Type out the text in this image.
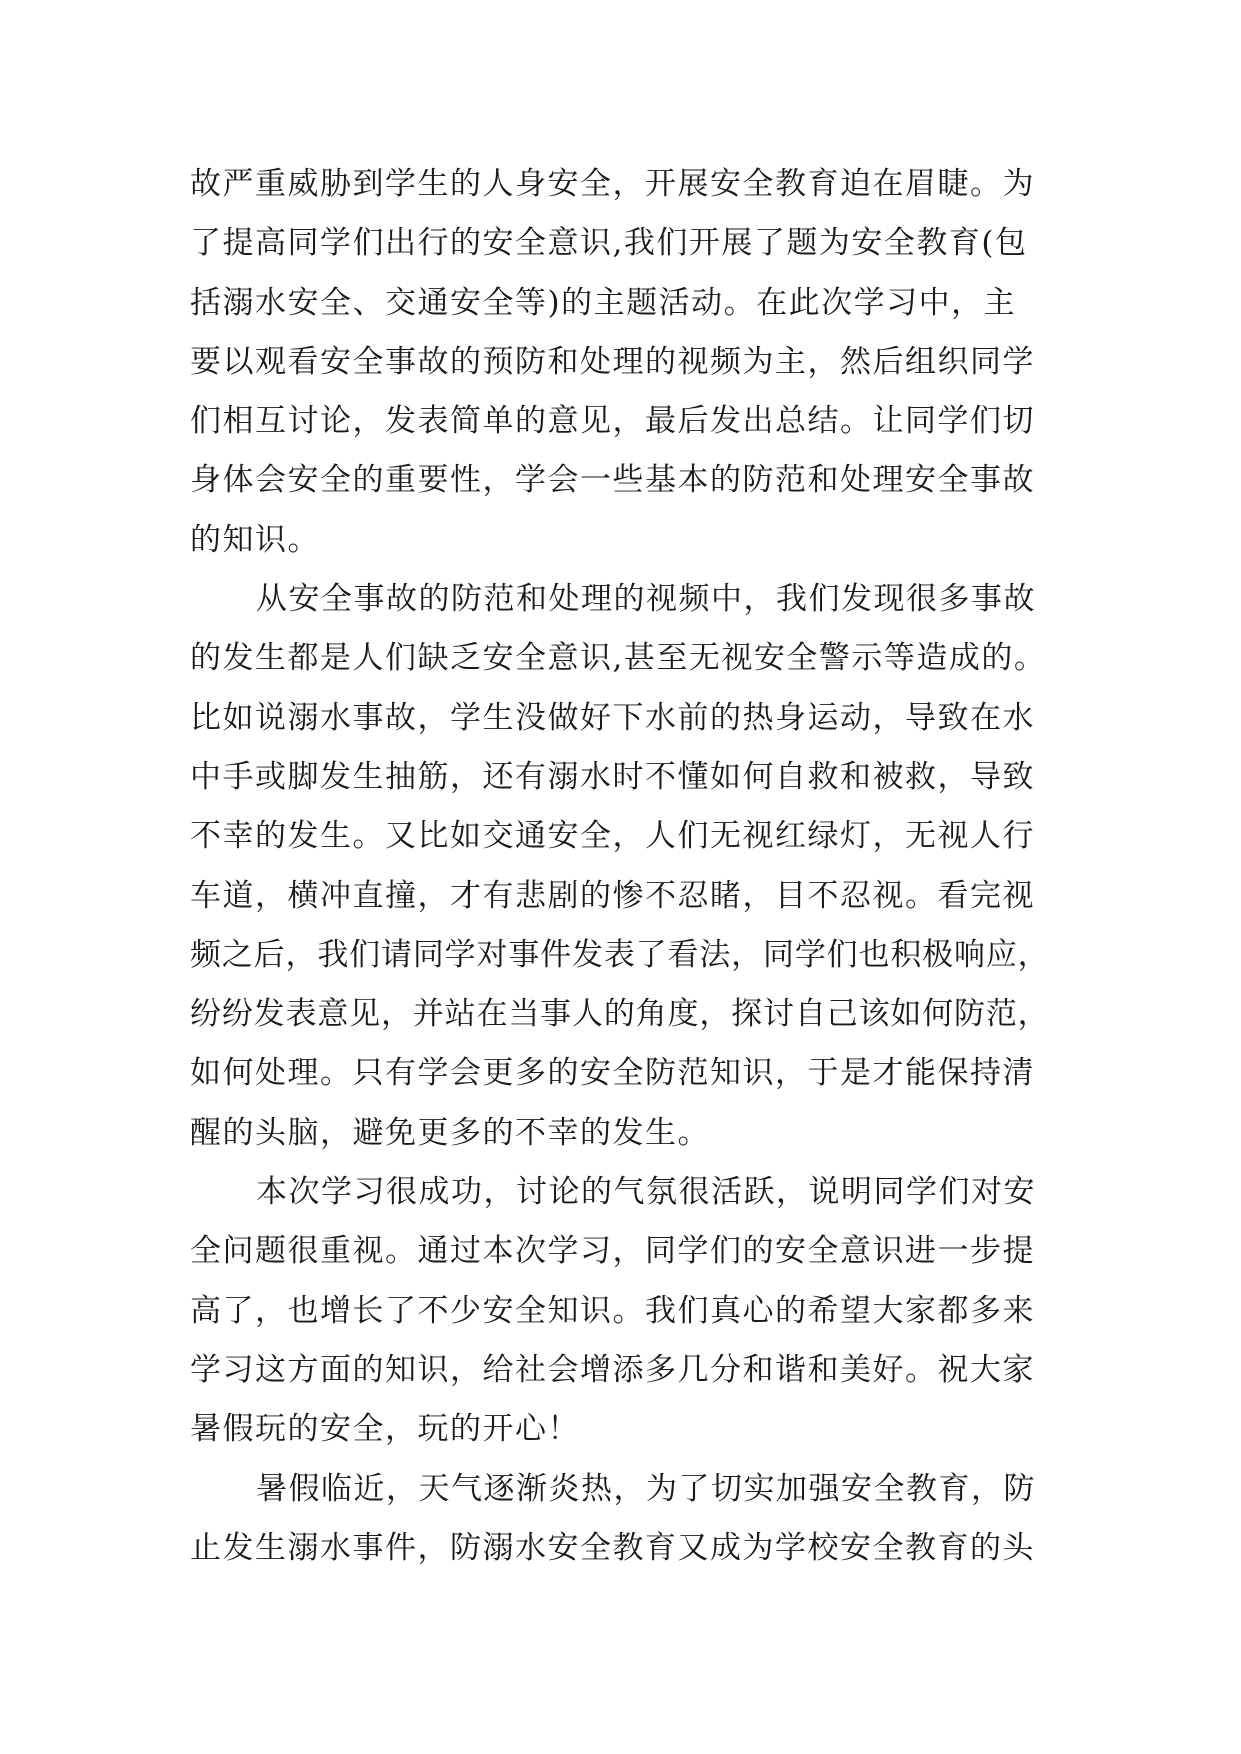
故严重威胁到学生的人身安全，开展安全教育迫在眉睫。为
了提高同学们出行的安全意识,我们开展了题为安全教育(包
括溺水安全、交通安全等)的主题活动。在此次学习中，主
要以观看安全事故的预防和处理的视频为主，然后组织同学
们相互讨论，发表简单的意见，最后发出总结。让同学们切
身体会安全的重要性，学会一些基本的防范和处理安全事故
的知识。
从安全事故的防范和处理的视频中，我们发现很多事故
的发生都是人们缺乏安全意识,甚至无视安全警示等造成的。
比如说溺水事故，学生没做好下水前的热身运动，导致在水
中手或脚发生抽筋，还有溺水时不懂如何自救和被救，导致
不幸的发生。又比如交通安全，人们无视红绿灯，无视人行
车道，横冲直撞，才有悲剧的惨不忍睹，目不忍视。看完视
频之后，我们请同学对事件发表了看法，同学们也积极响应，
纷纷发表意见，并站在当事人的角度，探讨自己该如何防范，
如何处理。只有学会更多的安全防范知识，于是才能保持清
醒的头脑，避免更多的不幸的发生。
本次学习很成功，讨论的气氛很活跃，说明同学们对安
全问题很重视。通过本次学习，同学们的安全意识进一步提
高了，也增长了不少安全知识。我们真心的希望大家都多来
学习这方面的知识，给社会增添多几分和谐和美好。祝大家
暑假玩的安全，玩的开心！
暑假临近，天气逐渐炎热，为了切实加强安全教育，防
止发生溺水事件，防溺水安全教育又成为学校安全教育的头
